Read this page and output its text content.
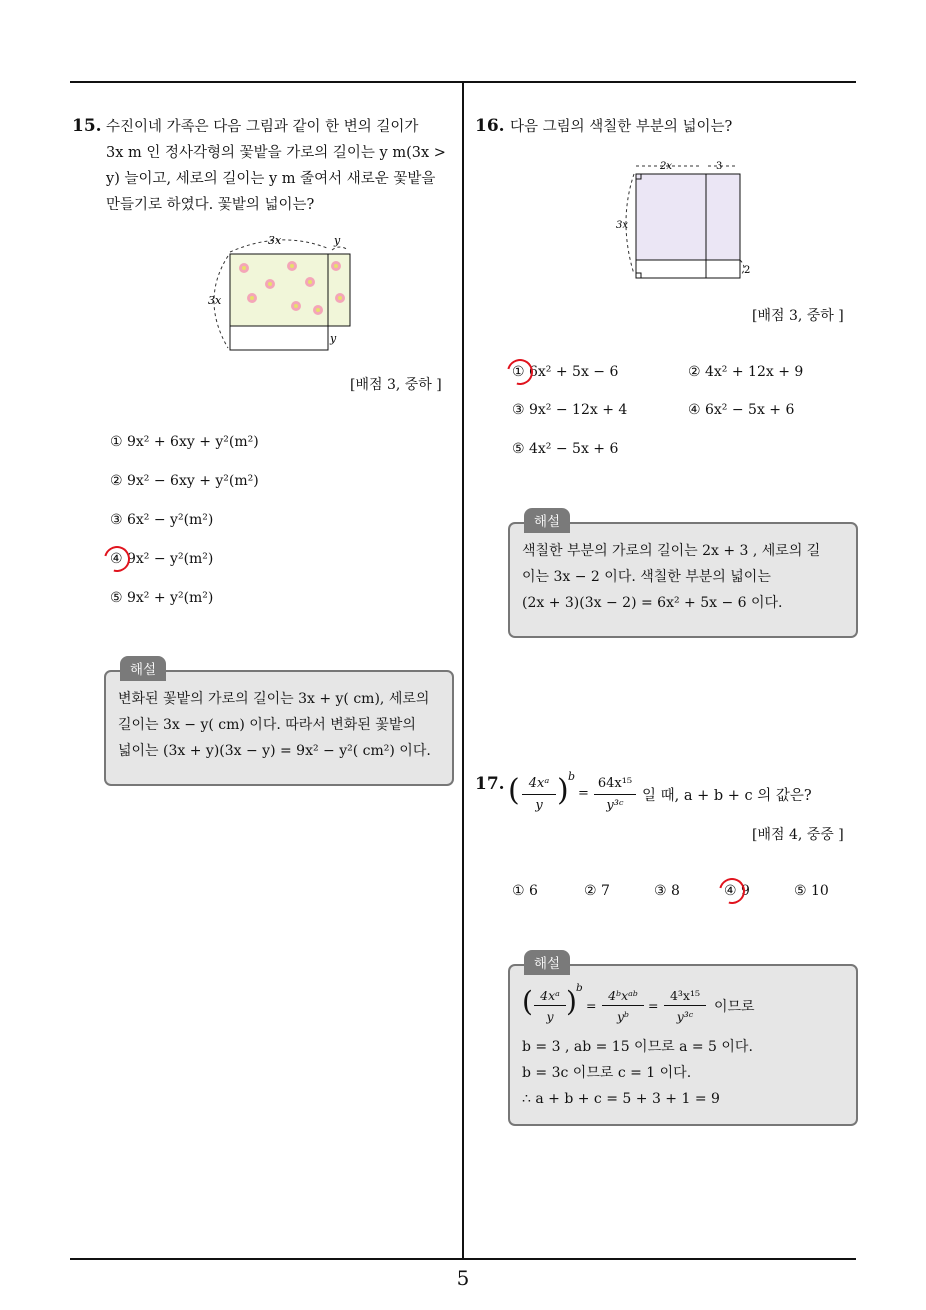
5
15. 수진이네 가족은 다음 그림과 같이 한 변의 길이가
3x m 인 정사각형의 꽃밭을 가로의 길이는 y m(3x >
y) 늘이고, 세로의 길이는 y m 줄여서 새로운 꽃밭을
만들기로 하였다. 꽃밭의 넓이는?
3x	y
3x
y
[배점 3, 중하 ]
① 9x² + 6xy + y²(m²)
② 9x² − 6xy + y²(m²)
③ 6x² − y²(m²)
④ 9x² − y²(m²)
⑤ 9x² + y²(m²)
변화된 꽃밭의 가로의 길이는 3x + y( cm), 세로의
길이는 3x − y( cm) 이다. 따라서 변화된 꽃밭의
넓이는 (3x + y)(3x − y) = 9x² − y²( cm²) 이다.
해설
16. 다음 그림의 색칠한 부분의 넓이는?
2x	3
3x
2
[배점 3, 중하 ]
① 6x² + 5x − 6	② 4x² + 12x + 9
③ 9x² − 12x + 4	④ 6x² − 5x + 6
⑤ 4x² − 5x + 6
색칠한 부분의 가로의 길이는 2x + 3 , 세로의 길
이는 3x − 2 이다. 색칠한 부분의 넓이는
(2x + 3)(3x − 2) = 6x² + 5x − 6 이다.
해설
17. ( 4xᵃ
y ) b
=
64x¹⁵
y³ᶜ
일 때, a + b + c 의 값은?
[배점 4, 중중 ]
① 6	② 7	③ 8	④ 9	⑤ 10
( 4xᵃ
y ) b
=
4ᵇxᵃᵇ
yᵇ
=
4³x¹⁵
y³ᶜ
이므로
b = 3 , ab = 15 이므로 a = 5 이다.
b = 3c 이므로 c = 1 이다.
∴ a + b + c = 5 + 3 + 1 = 9
해설
